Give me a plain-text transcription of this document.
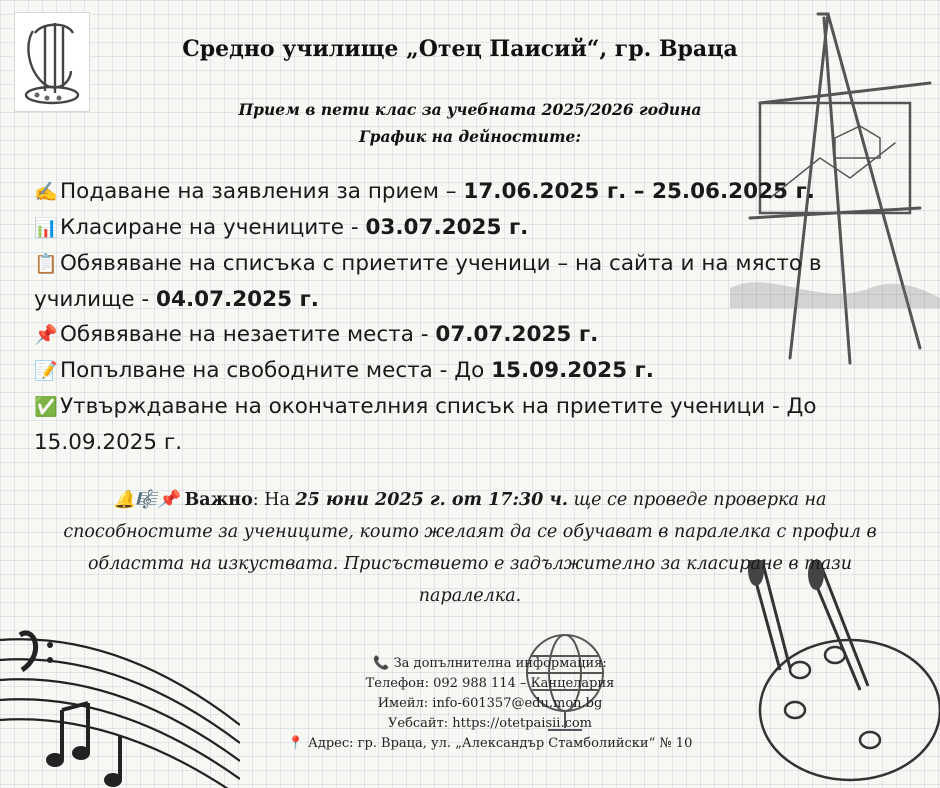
Средно училище „Отец Паисий“, гр. Враца
Прием в пети клас за учебната 2025/2026 година
График на дейностите:
✍️ Подаване на заявления за прием – 17.06.2025 г. – 25.06.2025 г.
📊 Класиране на учениците - 03.07.2025 г.
📋 Обявяване на списъка с приетите ученици – на сайта и на място в училище - 04.07.2025 г.
📌 Обявяване на незаетите места - 07.07.2025 г.
📝 Попълване на свободните места - До 15.09.2025 г.
✅ Утвърждаване на окончателния списък на приетите ученици - До 15.09.2025 г.
🔔🎼📌 Важно: На 25 юни 2025 г. от 17:30 ч. ще се проведе проверка на способностите за учениците, които желаят да се обучават в паралелка с профил в областта на изкуствата. Присъствието е задължително за класиране в тази паралелка.
📞 За допълнителна информация:
Телефон: 092 988 114 – Канцелария
Имейл: info-601357@edu.mon.bg
Уебсайт: https://otetpaisii.com
📍 Адрес: гр. Враца, ул. „Александър Стамболийски“ № 10
